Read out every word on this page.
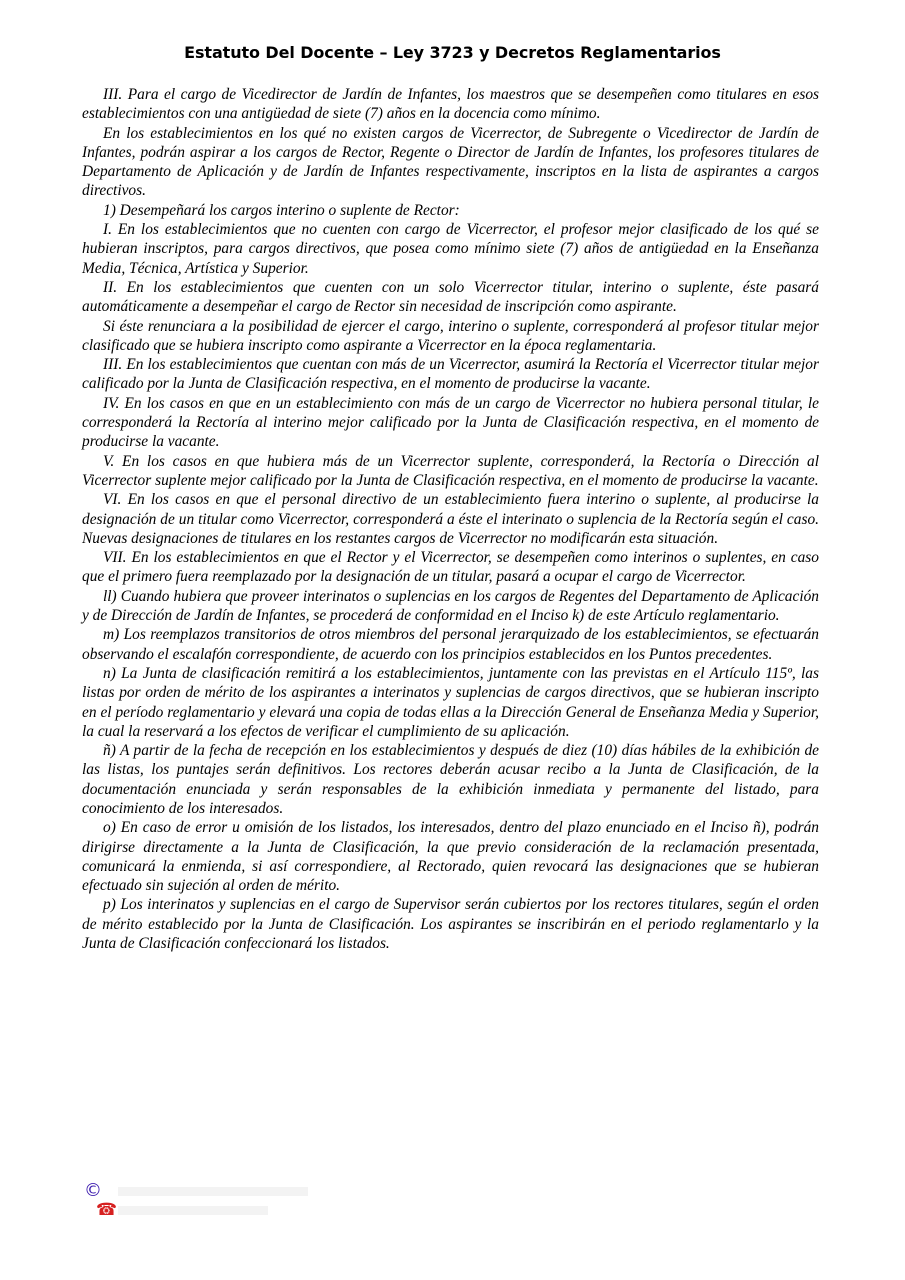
Estatuto Del Docente – Ley 3723 y Decretos Reglamentarios

III. Para el cargo de Vicedirector de Jardín de Infantes, los maestros que se desempeñen como titulares en esos establecimientos con una antigüedad de siete (7) años en la docencia como mínimo.

En los establecimientos en los qué no existen cargos de Vicerrector, de Subregente o Vicedirector de Jardín de Infantes, podrán aspirar a los cargos de Rector, Regente o Director de Jardín de Infantes, los profesores titulares de Departamento de Aplicación y de Jardín de Infantes respectivamente, inscriptos en la lista de aspirantes a cargos directivos.

1) Desempeñará los cargos interino o suplente de Rector:

I. En los establecimientos que no cuenten con cargo de Vicerrector, el profesor mejor clasificado de los qué se hubieran inscriptos, para cargos directivos, que posea como mínimo siete (7) años de antigüedad en la Enseñanza Media, Técnica, Artística y Superior.

II. En los establecimientos que cuenten con un solo Vicerrector titular, interino o suplente, éste pasará automáticamente a desempeñar el cargo de Rector sin necesidad de inscripción como aspirante.

Si éste renunciara a la posibilidad de ejercer el cargo, interino o suplente, corresponderá al profesor titular mejor clasificado que se hubiera inscripto como aspirante a Vicerrector en la época reglamentaria.

III. En los establecimientos que cuentan con más de un Vicerrector, asumirá la Rectoría el Vicerrector titular mejor calificado por la Junta de Clasificación respectiva, en el momento de producirse la vacante.

IV. En los casos en que en un establecimiento con más de un cargo de Vicerrector no hubiera personal titular, le corresponderá la Rectoría al interino mejor calificado por la Junta de Clasificación respectiva, en el momento de producirse la vacante.

V. En los casos en que hubiera más de un Vicerrector suplente, corresponderá, la Rectoría o Dirección al Vicerrector suplente mejor calificado por la Junta de Clasificación respectiva, en el momento de producirse la vacante.

VI. En los casos en que el personal directivo de un establecimiento fuera interino o suplente, al producirse la designación de un titular como Vicerrector, corresponderá a éste el interinato o suplencia de la Rectoría según el caso. Nuevas designaciones de titulares en los restantes cargos de Vicerrector no modificarán esta situación.

VII. En los establecimientos en que el Rector y el Vicerrector, se desempeñen como interinos o suplentes, en caso que el primero fuera reemplazado por la designación de un titular, pasará a ocupar el cargo de Vicerrector.

ll) Cuando hubiera que proveer interinatos o suplencias en los cargos de Regentes del Departamento de Aplicación y de Dirección de Jardín de Infantes, se procederá de conformidad en el Inciso k) de este Artículo reglamentario.

m) Los reemplazos transitorios de otros miembros del personal jerarquizado de los establecimientos, se efectuarán observando el escalafón correspondiente, de acuerdo con los principios establecidos en los Puntos precedentes.

n) La Junta de clasificación remitirá a los establecimientos, juntamente con las previstas en el Artículo 115º, las listas por orden de mérito de los aspirantes a interinatos y suplencias de cargos directivos, que se hubieran inscripto en el período reglamentario y elevará una copia de todas ellas a la Dirección General de Enseñanza Media y Superior, la cual la reservará a los efectos de verificar el cumplimiento de su aplicación.

ñ) A partir de la fecha de recepción en los establecimientos y después de diez (10) días hábiles de la exhibición de las listas, los puntajes serán definitivos. Los rectores deberán acusar recibo a la Junta de Clasificación, de la documentación enunciada y serán responsables de la exhibición inmediata y permanente del listado, para conocimiento de los interesados.

o) En caso de error u omisión de los listados, los interesados, dentro del plazo enunciado en el Inciso ñ), podrán dirigirse directamente a la Junta de Clasificación, la que previo consideración de la reclamación presentada, comunicará la enmienda, si así correspondiere, al Rectorado, quien revocará las designaciones que se hubieran efectuado sin sujeción al orden de mérito.

p) Los interinatos y suplencias en el cargo de Supervisor serán cubiertos por los rectores titulares, según el orden de mérito establecido por la Junta de Clasificación. Los aspirantes se inscribirán en el periodo reglamentarlo y la Junta de Clasificación confeccionará los listados.

©
☎
